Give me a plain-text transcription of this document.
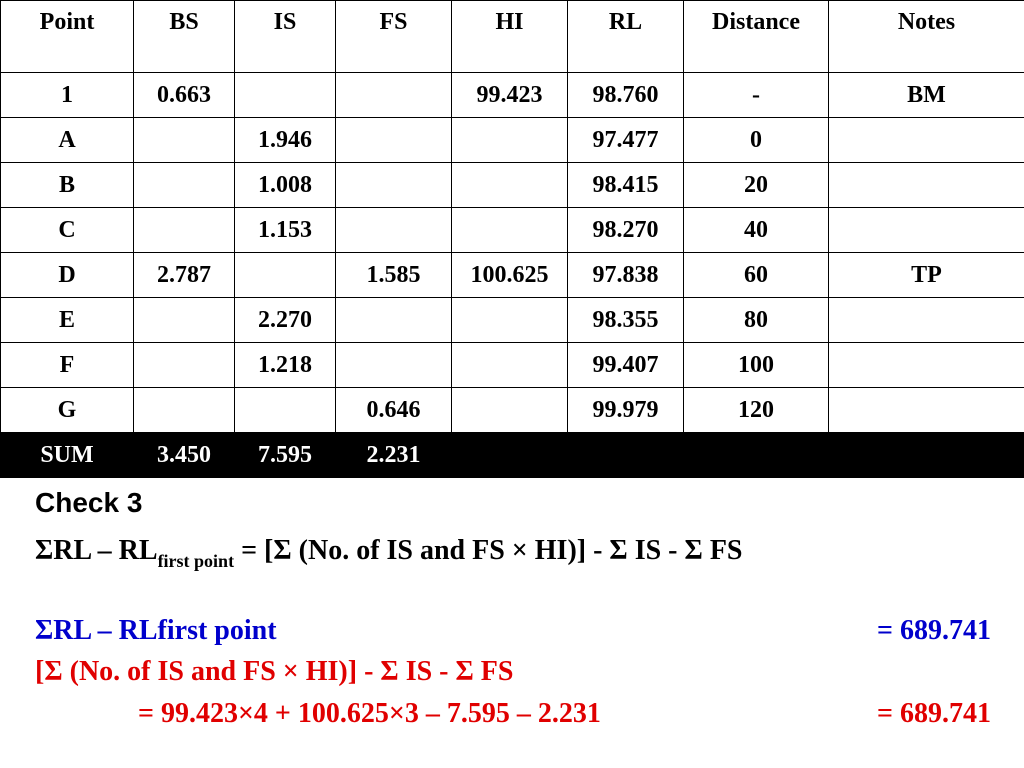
Point	BS	IS	FS	HI	RL	Distance	Notes
1	0.663			99.423	98.760	-	BM
A		1.946			97.477	0	
B		1.008			98.415	20	
C		1.153			98.270	40	
D	2.787		1.585	100.625	97.838	60	TP
E		2.270			98.355	80	
F		1.218			99.407	100	
G			0.646		99.979	120	
SUM	3.450	7.595	2.231				
Check 3
$\Sigma RL - RL_{first point} = [\Sigma$ (No. of IS and FS × HI)] - Σ IS - Σ FS
ΣRL – RLfirst point	= 689.741
[Σ (No. of IS and FS × HI)] - Σ IS - Σ FS
= 99.423×4 + 100.625×3 – 7.595 – 2.231	= 689.741
